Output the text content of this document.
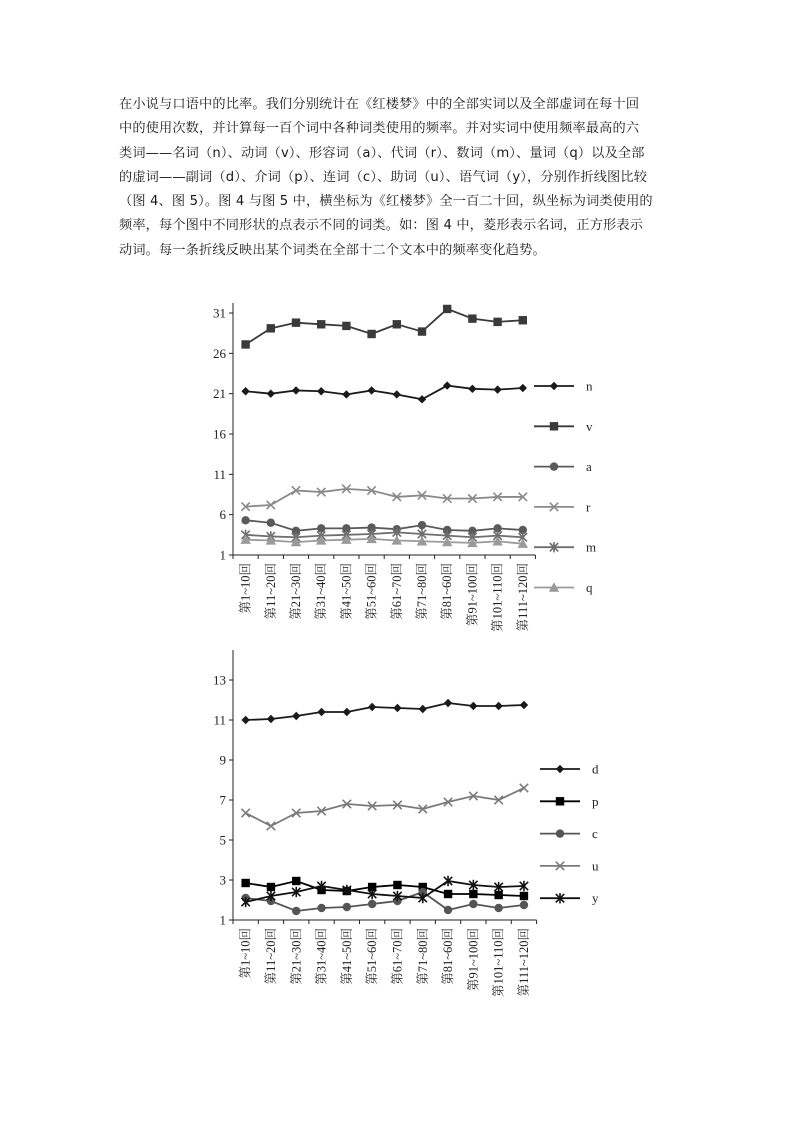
在小说与口语中的比率。我们分别统计在《红楼梦》中的全部实词以及全部虚词在每十回

中的使用次数，并计算每一百个词中各种词类使用的频率。并对实词中使用频率最高的六

类词——名词（n）、动词（v）、形容词（a）、代词（r）、数词（m）、量词（q）以及全部

的虚词——副词（d）、介词（p）、连词（c）、助词（u）、语气词（y），分别作折线图比较

（图 4、图 5）。图 4 与图 5 中，横坐标为《红楼梦》全一百二十回，纵坐标为词类使用的

频率，每个图中不同形状的点表示不同的词类。如：图 4 中，菱形表示名词，正方形表示

动词。每一条折线反映出某个词类在全部十二个文本中的频率变化趋势。

1
6
11
16
21
26
31
第1~10回 第11~20回 第21~30回 第31~40回 第41~50回 第51~60回 第61~70回 第71~80回 第81~60回 第91~100回 第101~110回 第111~120回
n
v
a
r
m
q
1
3
5
7
9
11
13
第1~10回 第11~20回 第21~30回 第31~40回 第41~50回 第51~60回 第61~70回 第71~80回 第81~60回 第91~100回 第101~110回 第111~120回
d
p
c
u
y
